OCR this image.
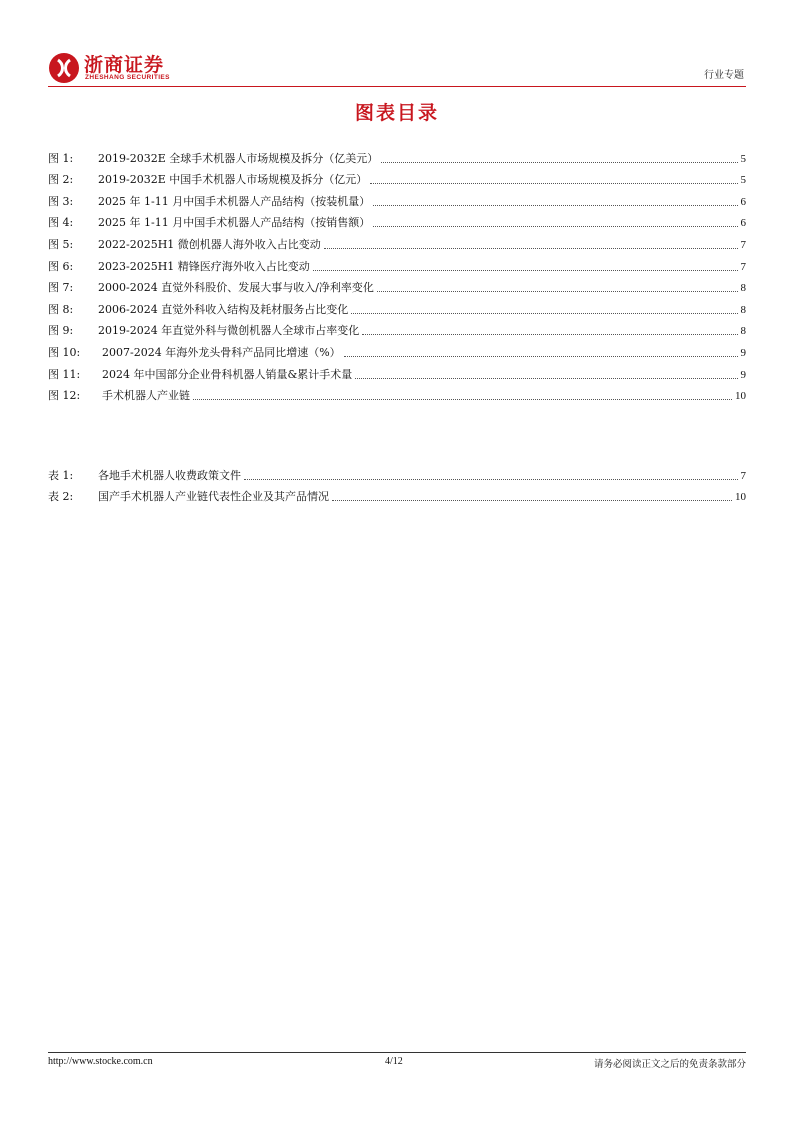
浙商证券
ZHESHANG SECURITIES	行业专题
图表目录
图 1:	2019-2032E 全球手术机器人市场规模及拆分（亿美元）	5
图 2:	2019-2032E 中国手术机器人市场规模及拆分（亿元）	5
图 3:	2025 年 1-11 月中国手术机器人产品结构（按装机量）	6
图 4:	2025 年 1-11 月中国手术机器人产品结构（按销售额）	6
图 5:	2022-2025H1 微创机器人海外收入占比变动	7
图 6:	2023-2025H1 精锋医疗海外收入占比变动	7
图 7:	2000-2024 直觉外科股价、发展大事与收入/净利率变化	8
图 8:	2006-2024 直觉外科收入结构及耗材服务占比变化	8
图 9:	2019-2024 年直觉外科与微创机器人全球市占率变化	8
图 10:	2007-2024 年海外龙头骨科产品同比增速（%）	9
图 11:	2024 年中国部分企业骨科机器人销量&累计手术量	9
图 12:	手术机器人产业链	10
表 1:	各地手术机器人收费政策文件	7
表 2:	国产手术机器人产业链代表性企业及其产品情况	10
http://www.stocke.com.cn	4/12	请务必阅读正文之后的免责条款部分
